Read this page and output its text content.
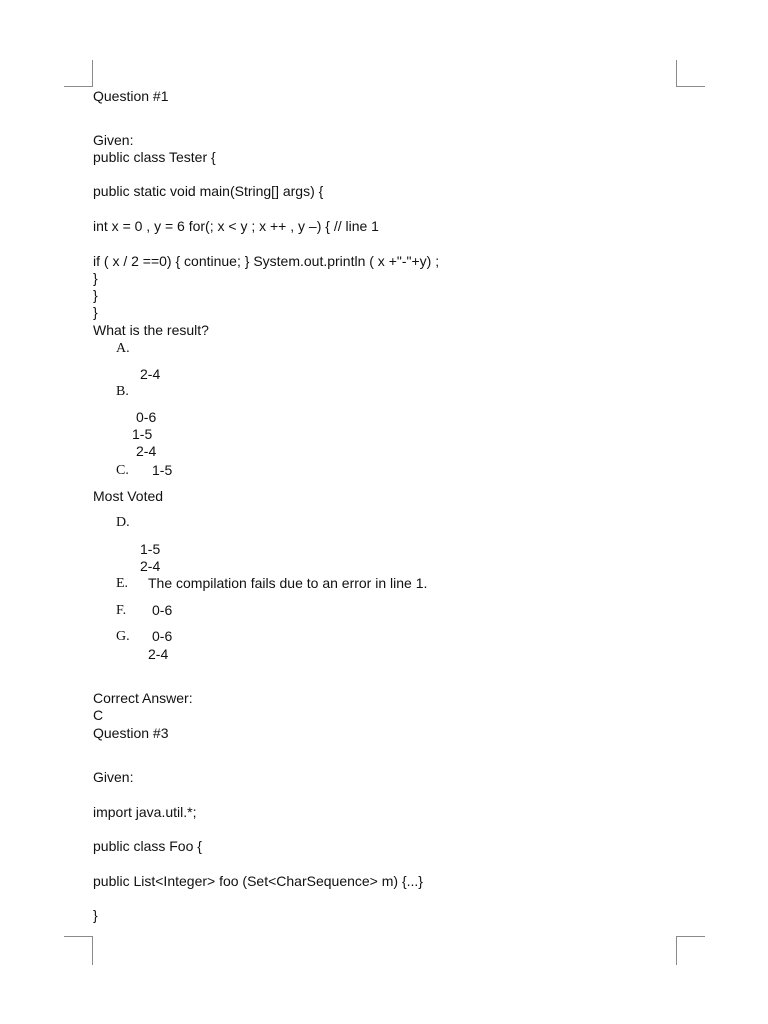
Question #1
Given:
public class Tester {
public static void main(String[] args) {
int x = 0 , y = 6 for(; x < y ; x ++ , y –) { // line 1
if ( x / 2 ==0) { continue; } System.out.println ( x +"-"+y) ;
}
}
}
What is the result?
A.
2-4
B.
0-6
1-5
2-4
C. 1-5
Most Voted
D.
1-5
2-4
E. The compilation fails due to an error in line 1.
F. 0-6
G. 0-6
2-4
Correct Answer:
C
Question #3
Given:
import java.util.*;
public class Foo {
public List<Integer> foo (Set<CharSequence> m) {...}
}
